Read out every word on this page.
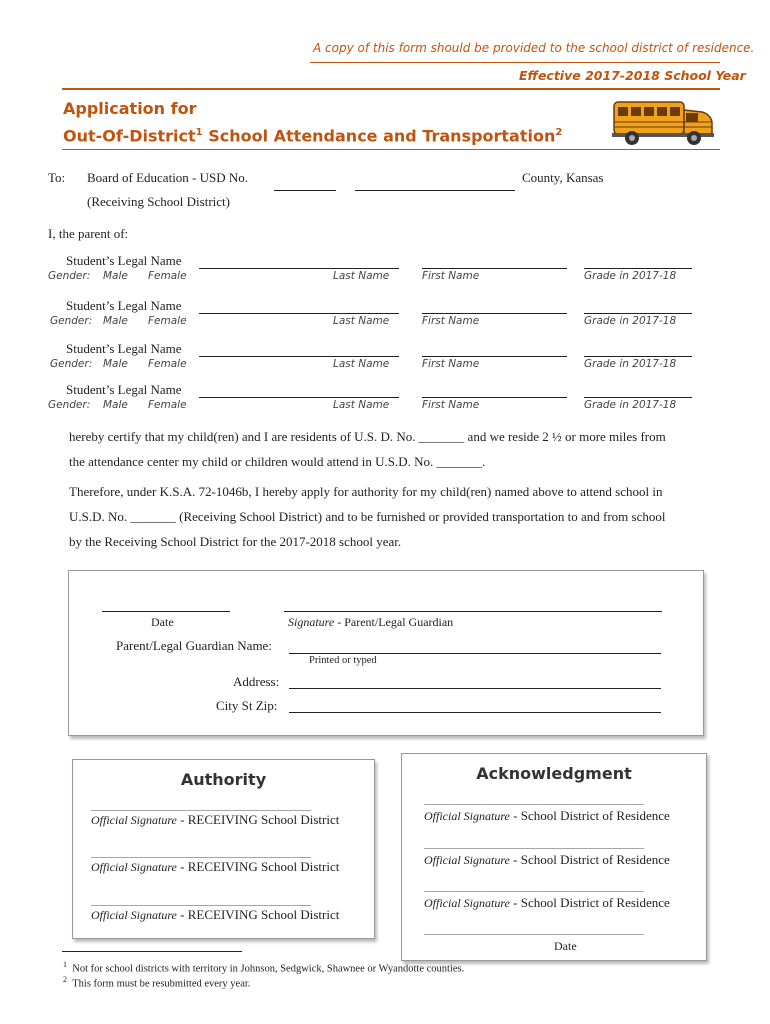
A copy of this form should be provided to the school district of residence.
Effective 2017-2018 School Year
Application for
Out-Of-District$^1$ School Attendance and Transportation$^2$
To: Board of Education - USD No.	County, Kansas
(Receiving School District)
I, the parent of:
Student’s Legal Name
Gender: Male Female	Last Name	First Name	Grade in 2017-18
Student’s Legal Name
Gender: Male Female	Last Name	First Name	Grade in 2017-18
Student’s Legal Name
Gender: Male Female	Last Name	First Name	Grade in 2017-18
Student’s Legal Name
Gender: Male Female	Last Name	First Name	Grade in 2017-18
hereby certify that my child(ren) and I are residents of U.S. D. No. _______ and we reside 2 ½ or more miles from
the attendance center my child or children would attend in U.S.D. No. _______.
Therefore, under K.S.A. 72-1046b, I hereby apply for authority for my child(ren) named above to attend school in
U.S.D. No. _______ (Receiving School District) and to be furnished or provided transportation to and from school
by the Receiving School District for the 2017-2018 school year.
Date	Signature - Parent/Legal Guardian
Parent/Legal Guardian Name:
Printed or typed
Address:
City St Zip:
Authority
________________________________________
Official Signature - RECEIVING School District
________________________________________
Official Signature - RECEIVING School District
________________________________________
Official Signature - RECEIVING School District
Acknowledgment
________________________________________
Official Signature - School District of Residence
________________________________________
Official Signature - School District of Residence
________________________________________
Official Signature - School District of Residence
________________________________________
Date
$^1$ Not for school districts with territory in Johnson, Sedgwick, Shawnee or Wyandotte counties.
$^2$ This form must be resubmitted every year.
